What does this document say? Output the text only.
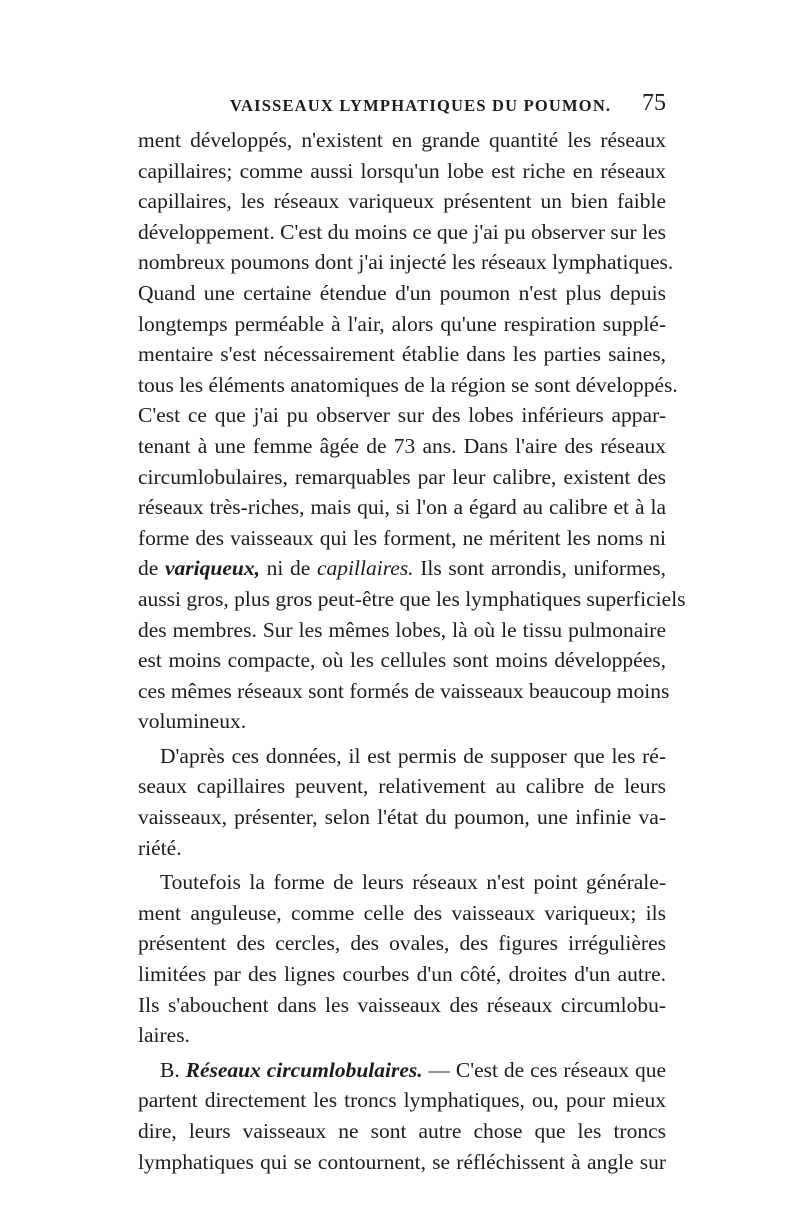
VAISSEAUX LYMPHATIQUES DU POUMON. 75
ment développés, n'existent en grande quantité les réseaux
capillaires; comme aussi lorsqu'un lobe est riche en réseaux
capillaires, les réseaux variqueux présentent un bien faible
développement. C'est du moins ce que j'ai pu observer sur les
nombreux poumons dont j'ai injecté les réseaux lymphatiques.
Quand une certaine étendue d'un poumon n'est plus depuis
longtemps perméable à l'air, alors qu'une respiration supplé-
mentaire s'est nécessairement établie dans les parties saines,
tous les éléments anatomiques de la région se sont développés.
C'est ce que j'ai pu observer sur des lobes inférieurs appar-
tenant à une femme âgée de 73 ans. Dans l'aire des réseaux
circumlobulaires, remarquables par leur calibre, existent des
réseaux très-riches, mais qui, si l'on a égard au calibre et à la
forme des vaisseaux qui les forment, ne méritent les noms ni
de variqueux, ni de capillaires. Ils sont arrondis, uniformes,
aussi gros, plus gros peut-être que les lymphatiques superficiels
des membres. Sur les mêmes lobes, là où le tissu pulmonaire
est moins compacte, où les cellules sont moins développées,
ces mêmes réseaux sont formés de vaisseaux beaucoup moins
volumineux.
D'après ces données, il est permis de supposer que les ré-
seaux capillaires peuvent, relativement au calibre de leurs
vaisseaux, présenter, selon l'état du poumon, une infinie va-
riété.
Toutefois la forme de leurs réseaux n'est point générale-
ment anguleuse, comme celle des vaisseaux variqueux; ils
présentent des cercles, des ovales, des figures irrégulières
limitées par des lignes courbes d'un côté, droites d'un autre.
Ils s'abouchent dans les vaisseaux des réseaux circumlobu-
laires.
B. Réseaux circumlobulaires. — C'est de ces réseaux que
partent directement les troncs lymphatiques, ou, pour mieux
dire, leurs vaisseaux ne sont autre chose que les troncs
lymphatiques qui se contournent, se réfléchissent à angle sur
